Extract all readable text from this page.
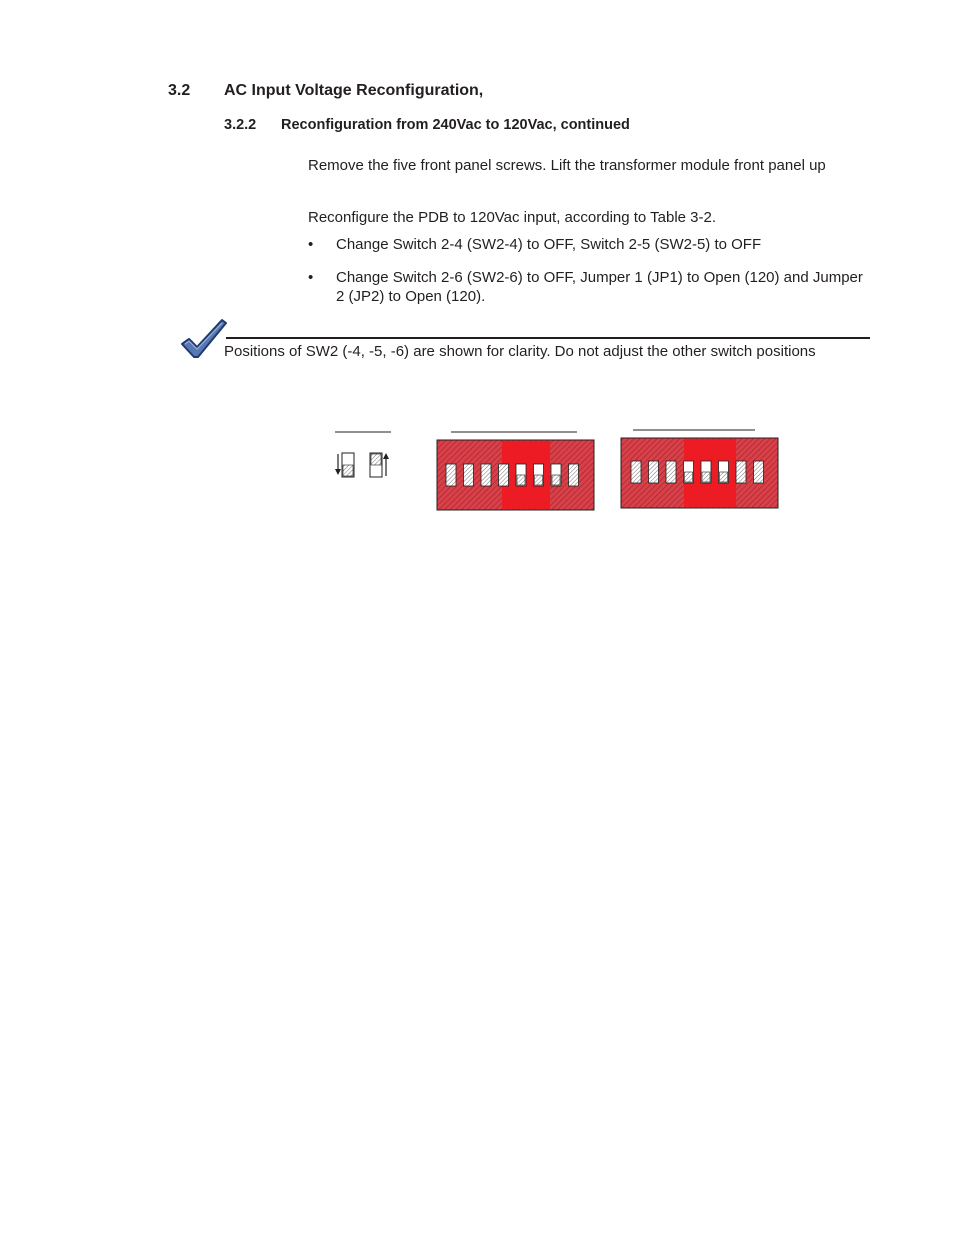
3.2 AC Input Voltage Reconfiguration,
3.2.2 Reconfiguration from 240Vac to 120Vac, continued
Remove the five front panel screws. Lift the transformer module front panel up
Reconfigure the PDB to 120Vac input, according to Table 3-2.
• Change Switch 2-4 (SW2-4) to OFF, Switch 2-5 (SW2-5) to OFF
• Change Switch 2-6 (SW2-6) to OFF, Jumper 1 (JP1) to Open (120) and Jumper 2 (JP2) to Open (120).
Positions of SW2 (-4, -5, -6) are shown for clarity. Do not adjust the other switch positions
